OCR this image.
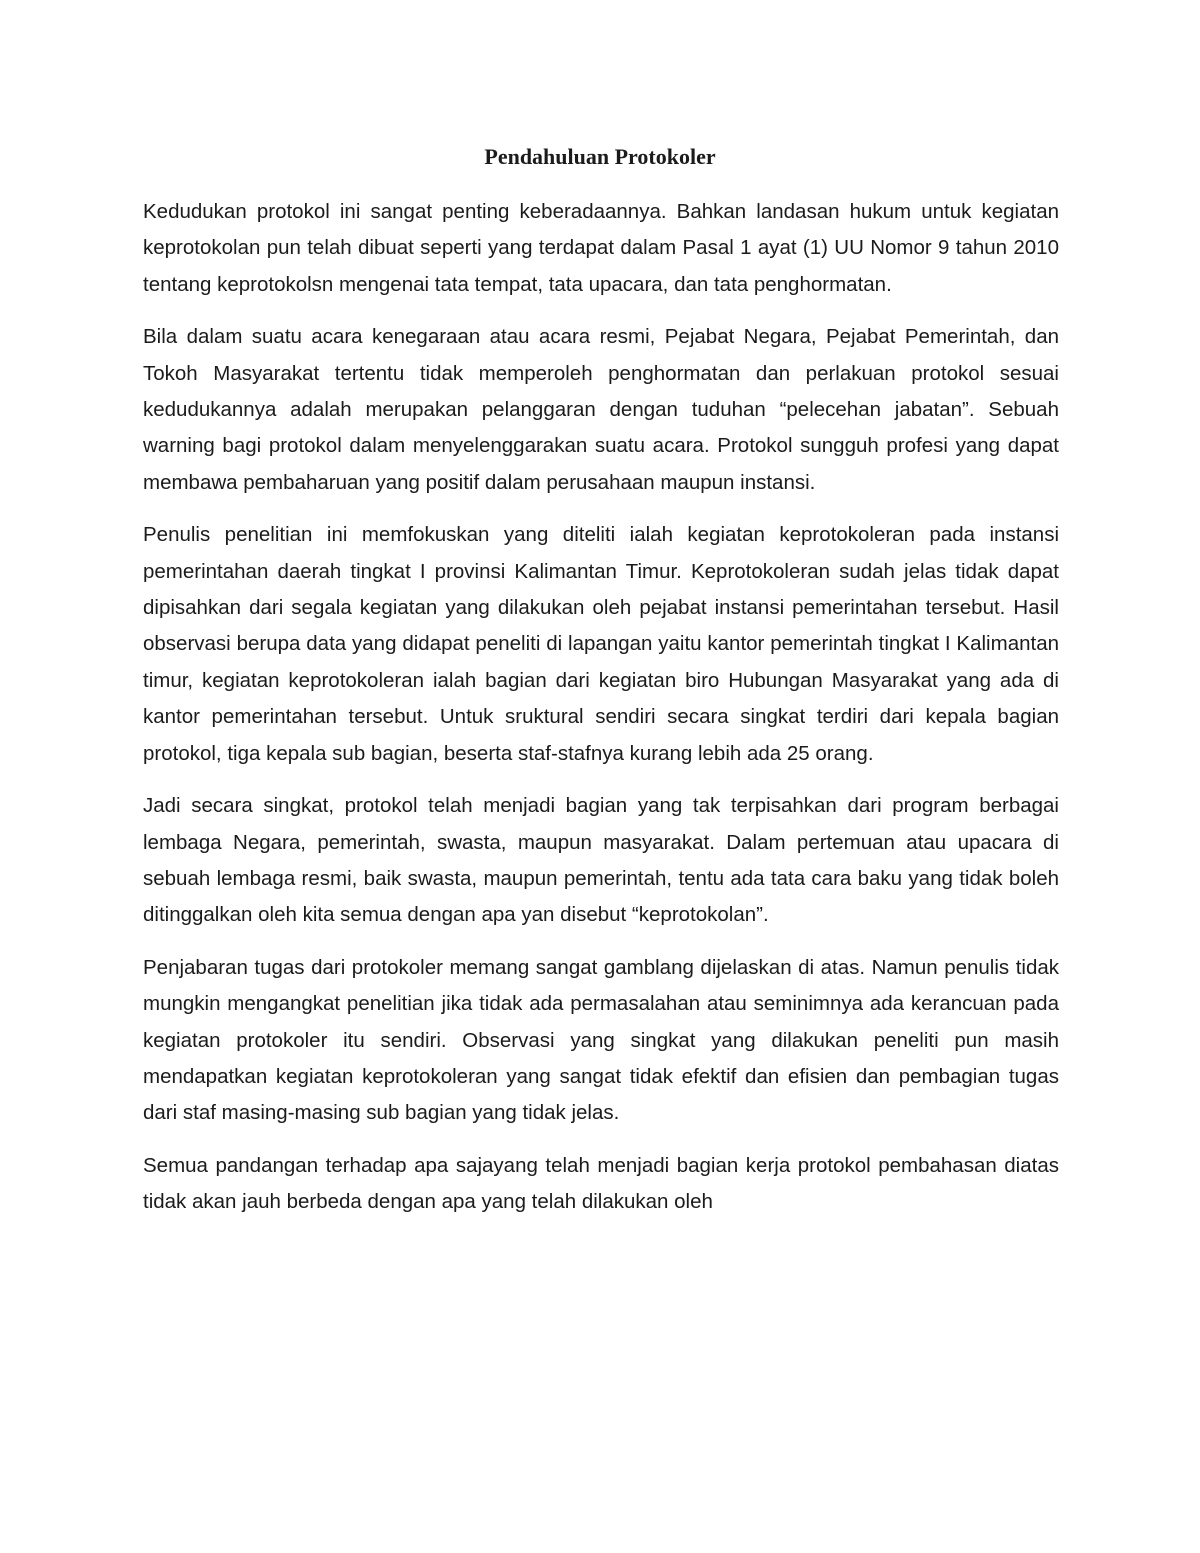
Pendahuluan Protokoler

Kedudukan protokol ini sangat penting keberadaannya. Bahkan landasan hukum untuk kegiatan keprotokolan pun telah dibuat seperti yang terdapat dalam Pasal 1 ayat (1) UU Nomor 9 tahun 2010 tentang keprotokolsn mengenai tata tempat, tata upacara, dan tata penghormatan.

Bila dalam suatu acara kenegaraan atau acara resmi, Pejabat Negara, Pejabat Pemerintah, dan Tokoh Masyarakat tertentu tidak memperoleh penghormatan dan perlakuan protokol sesuai kedudukannya adalah merupakan pelanggaran dengan tuduhan “pelecehan jabatan”. Sebuah warning bagi protokol dalam menyelenggarakan suatu acara. Protokol sungguh profesi yang dapat membawa pembaharuan yang positif dalam perusahaan maupun instansi.

Penulis penelitian ini memfokuskan yang diteliti ialah kegiatan keprotokoleran pada instansi pemerintahan daerah tingkat I provinsi Kalimantan Timur. Keprotokoleran sudah jelas tidak dapat dipisahkan dari segala kegiatan yang dilakukan oleh pejabat instansi pemerintahan tersebut. Hasil observasi berupa data yang didapat peneliti di lapangan yaitu kantor pemerintah tingkat I Kalimantan timur, kegiatan keprotokoleran ialah bagian dari kegiatan biro Hubungan Masyarakat yang ada di kantor pemerintahan tersebut. Untuk sruktural sendiri secara singkat terdiri dari kepala bagian protokol, tiga kepala sub bagian, beserta staf-stafnya kurang lebih ada 25 orang.

Jadi secara singkat, protokol telah menjadi bagian yang tak terpisahkan dari program berbagai lembaga Negara, pemerintah, swasta, maupun masyarakat. Dalam pertemuan atau upacara di sebuah lembaga resmi, baik swasta, maupun pemerintah, tentu ada tata cara baku yang tidak boleh ditinggalkan oleh kita semua dengan apa yan disebut “keprotokolan”.

Penjabaran tugas dari protokoler memang sangat gamblang dijelaskan di atas. Namun penulis tidak mungkin mengangkat penelitian jika tidak ada permasalahan atau seminimnya ada kerancuan pada kegiatan protokoler itu sendiri. Observasi yang singkat yang dilakukan peneliti pun masih mendapatkan kegiatan keprotokoleran yang sangat tidak efektif dan efisien dan pembagian tugas dari staf masing-masing sub bagian yang tidak jelas.

Semua pandangan terhadap apa sajayang telah menjadi bagian kerja protokol pembahasan diatas tidak akan jauh berbeda dengan apa yang telah dilakukan oleh
